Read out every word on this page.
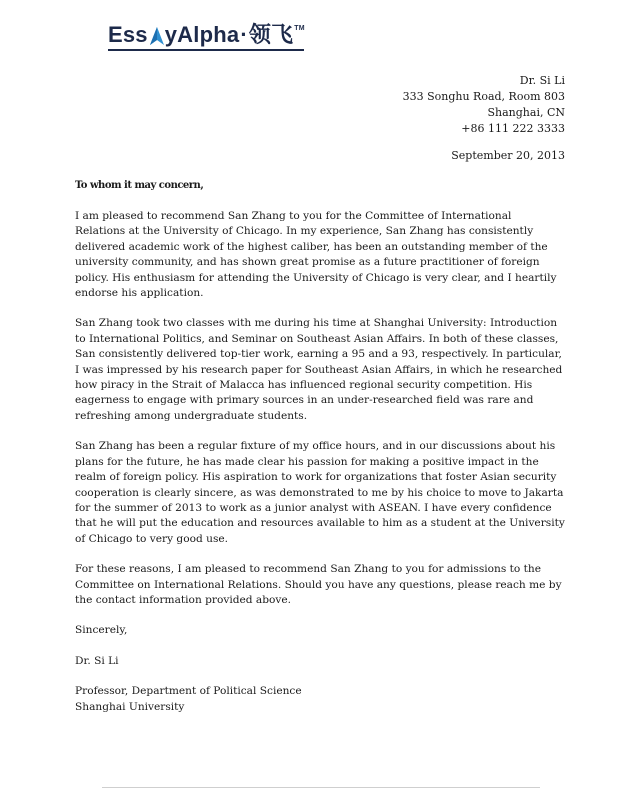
Ess yAlpha · 领飞 TM
Dr. Si Li
333 Songhu Road, Room 803
Shanghai, CN
+86 111 222 3333
September 20, 2013
To whom it may concern,

I am pleased to recommend San Zhang to you for the Committee of International Relations at the University of Chicago. In my experience, San Zhang has consistently delivered academic work of the highest caliber, has been an outstanding member of the university community, and has shown great promise as a future practitioner of foreign policy. His enthusiasm for attending the University of Chicago is very clear, and I heartily endorse his application.

San Zhang took two classes with me during his time at Shanghai University: Introduction to International Politics, and Seminar on Southeast Asian Affairs. In both of these classes, San consistently delivered top-tier work, earning a 95 and a 93, respectively. In particular, I was impressed by his research paper for Southeast Asian Affairs, in which he researched how piracy in the Strait of Malacca has influenced regional security competition. His eagerness to engage with primary sources in an under-researched field was rare and refreshing among undergraduate students.

San Zhang has been a regular fixture of my office hours, and in our discussions about his plans for the future, he has made clear his passion for making a positive impact in the realm of foreign policy. His aspiration to work for organizations that foster Asian security cooperation is clearly sincere, as was demonstrated to me by his choice to move to Jakarta for the summer of 2013 to work as a junior analyst with ASEAN. I have every confidence that he will put the education and resources available to him as a student at the University of Chicago to very good use.

For these reasons, I am pleased to recommend San Zhang to you for admissions to the Committee on International Relations. Should you have any questions, please reach me by the contact information provided above.

Sincerely,
Dr. Si Li
Professor, Department of Political Science
Shanghai University
